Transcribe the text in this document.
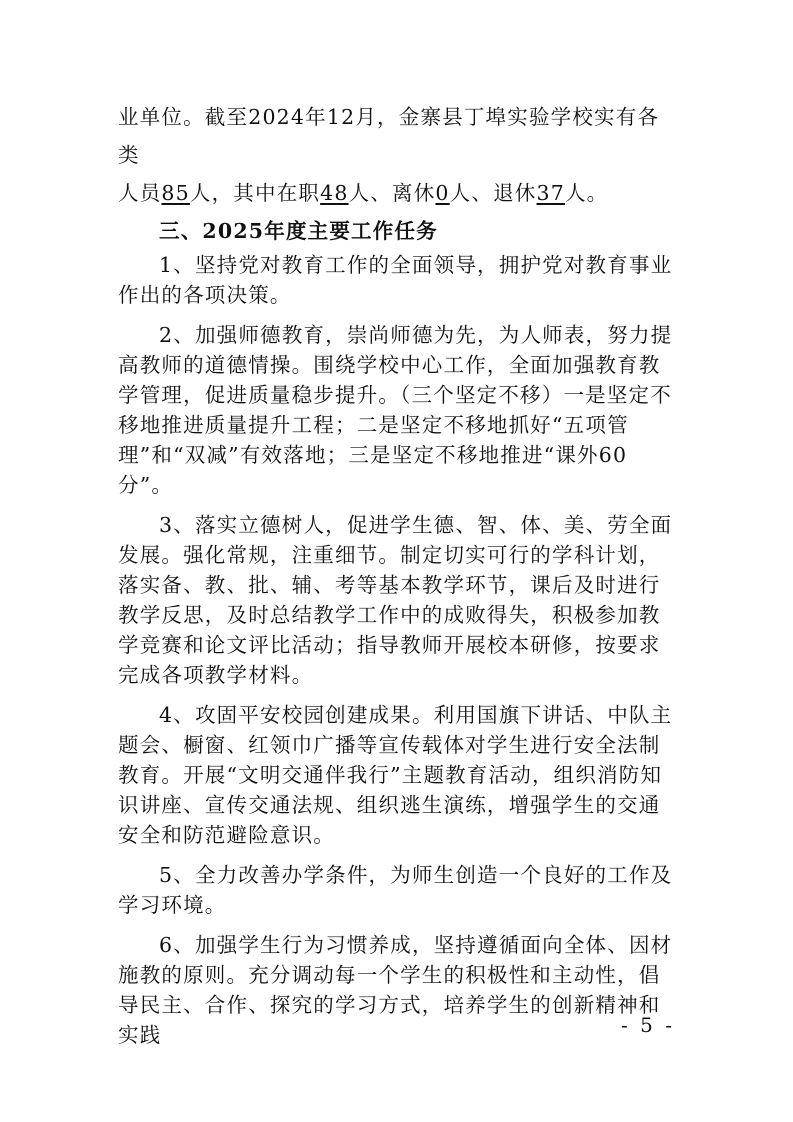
业单位。截至2024年12月，金寨县丁埠实验学校实有各类

人员85人，其中在职48人、离休0人、退休37人。

三、2025年度主要工作任务

1、坚持党对教育工作的全面领导，拥护党对教育事业作出的各项决策。

2、加强师德教育，崇尚师德为先，为人师表，努力提高教师的道德情操。围绕学校中心工作，全面加强教育教学管理，促进质量稳步提升。（三个坚定不移）一是坚定不移地推进质量提升工程；二是坚定不移地抓好“五项管理”和“双减”有效落地；三是坚定不移地推进“课外60分”。

3、落实立德树人，促进学生德、智、体、美、劳全面发展。强化常规，注重细节。制定切实可行的学科计划，落实备、教、批、辅、考等基本教学环节，课后及时进行教学反思，及时总结教学工作中的成败得失，积极参加教学竞赛和论文评比活动；指导教师开展校本研修，按要求完成各项教学材料。

4、攻固平安校园创建成果。利用国旗下讲话、中队主题会、橱窗、红领巾广播等宣传载体对学生进行安全法制教育。开展“文明交通伴我行”主题教育活动，组织消防知识讲座、宣传交通法规、组织逃生演练，增强学生的交通安全和防范避险意识。

5、全力改善办学条件，为师生创造一个良好的工作及学习环境。

6、加强学生行为习惯养成，坚持遵循面向全体、因材施教的原则。充分调动每一个学生的积极性和主动性，倡导民主、合作、探究的学习方式，培养学生的创新精神和实践	- 5 -
